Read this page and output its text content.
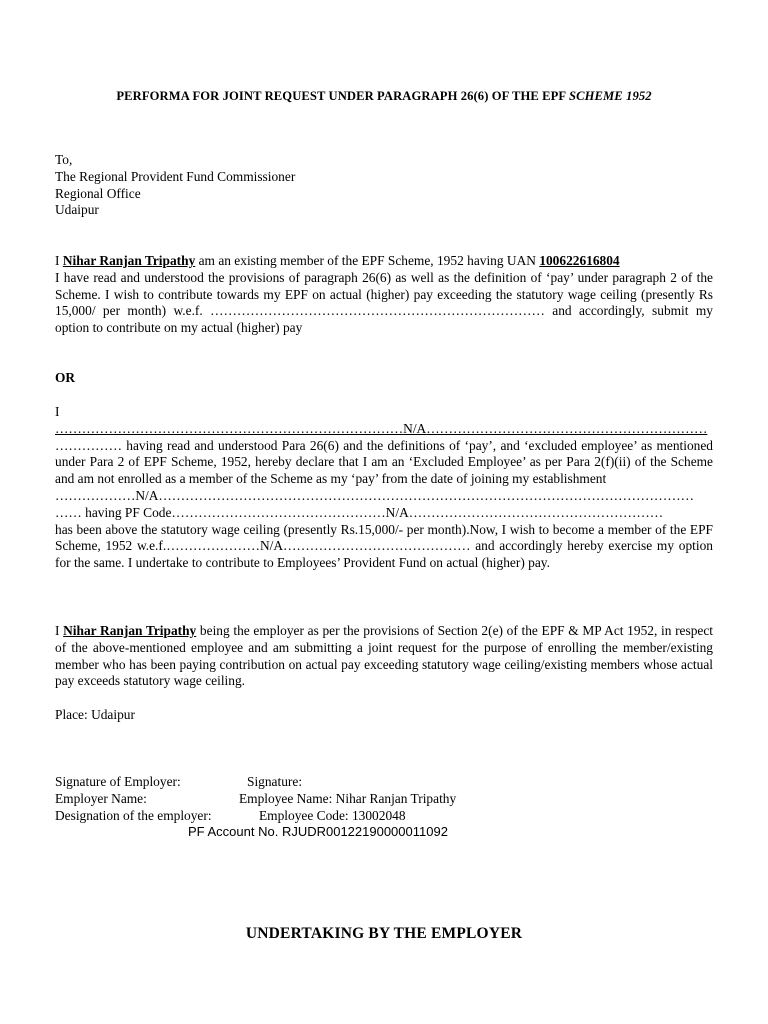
PERFORMA FOR JOINT REQUEST UNDER PARAGRAPH 26(6) OF THE EPF SCHEME 1952
To,
The Regional Provident Fund Commissioner
Regional Office
Udaipur
I Nihar Ranjan Tripathy am an existing member of the EPF Scheme, 1952 having UAN 100622616804
I have read and understood the provisions of paragraph 26(6) as well as the definition of ‘pay’ under paragraph 2 of the Scheme. I wish to contribute towards my EPF on actual (higher) pay exceeding the statutory wage ceiling (presently Rs 15,000/ per month) w.e.f. ………………………………………………………………… and accordingly, submit my option to contribute on my actual (higher) pay
OR
I
……………………………………………………………………N/A………………………………………………………
…………… having read and understood Para 26(6) and the definitions of ‘pay’, and ‘excluded employee’ as mentioned under Para 2 of EPF Scheme, 1952, hereby declare that I am an ‘Excluded Employee’ as per Para 2(f)(ii) of the Scheme and am not enrolled as a member of the Scheme as my ‘pay’ from the date of joining my establishment
………………N/A…………………………………………………………………………………………………………
…… having PF Code…………………………………………N/A…………………………………………………
has been above the statutory wage ceiling (presently Rs.15,000/- per month).Now, I wish to become a member of the EPF Scheme, 1952 w.e.f.…………………N/A…………………………………… and accordingly hereby exercise my option for the same. I undertake to contribute to Employees’ Provident Fund on actual (higher) pay.
I Nihar Ranjan Tripathy being the employer as per the provisions of Section 2(e) of the EPF & MP Act 1952, in respect of the above-mentioned employee and am submitting a joint request for the purpose of enrolling the member/existing member who has been paying contribution on actual pay exceeding statutory wage ceiling/existing members whose actual pay exceeds statutory wage ceiling.
Place: Udaipur
Signature of Employer:	Signature:
Employer Name:	Employee Name: Nihar Ranjan Tripathy
Designation of the employer:	Employee Code: 13002048
PF Account No. RJUDR00122190000011092
UNDERTAKING BY THE EMPLOYER
